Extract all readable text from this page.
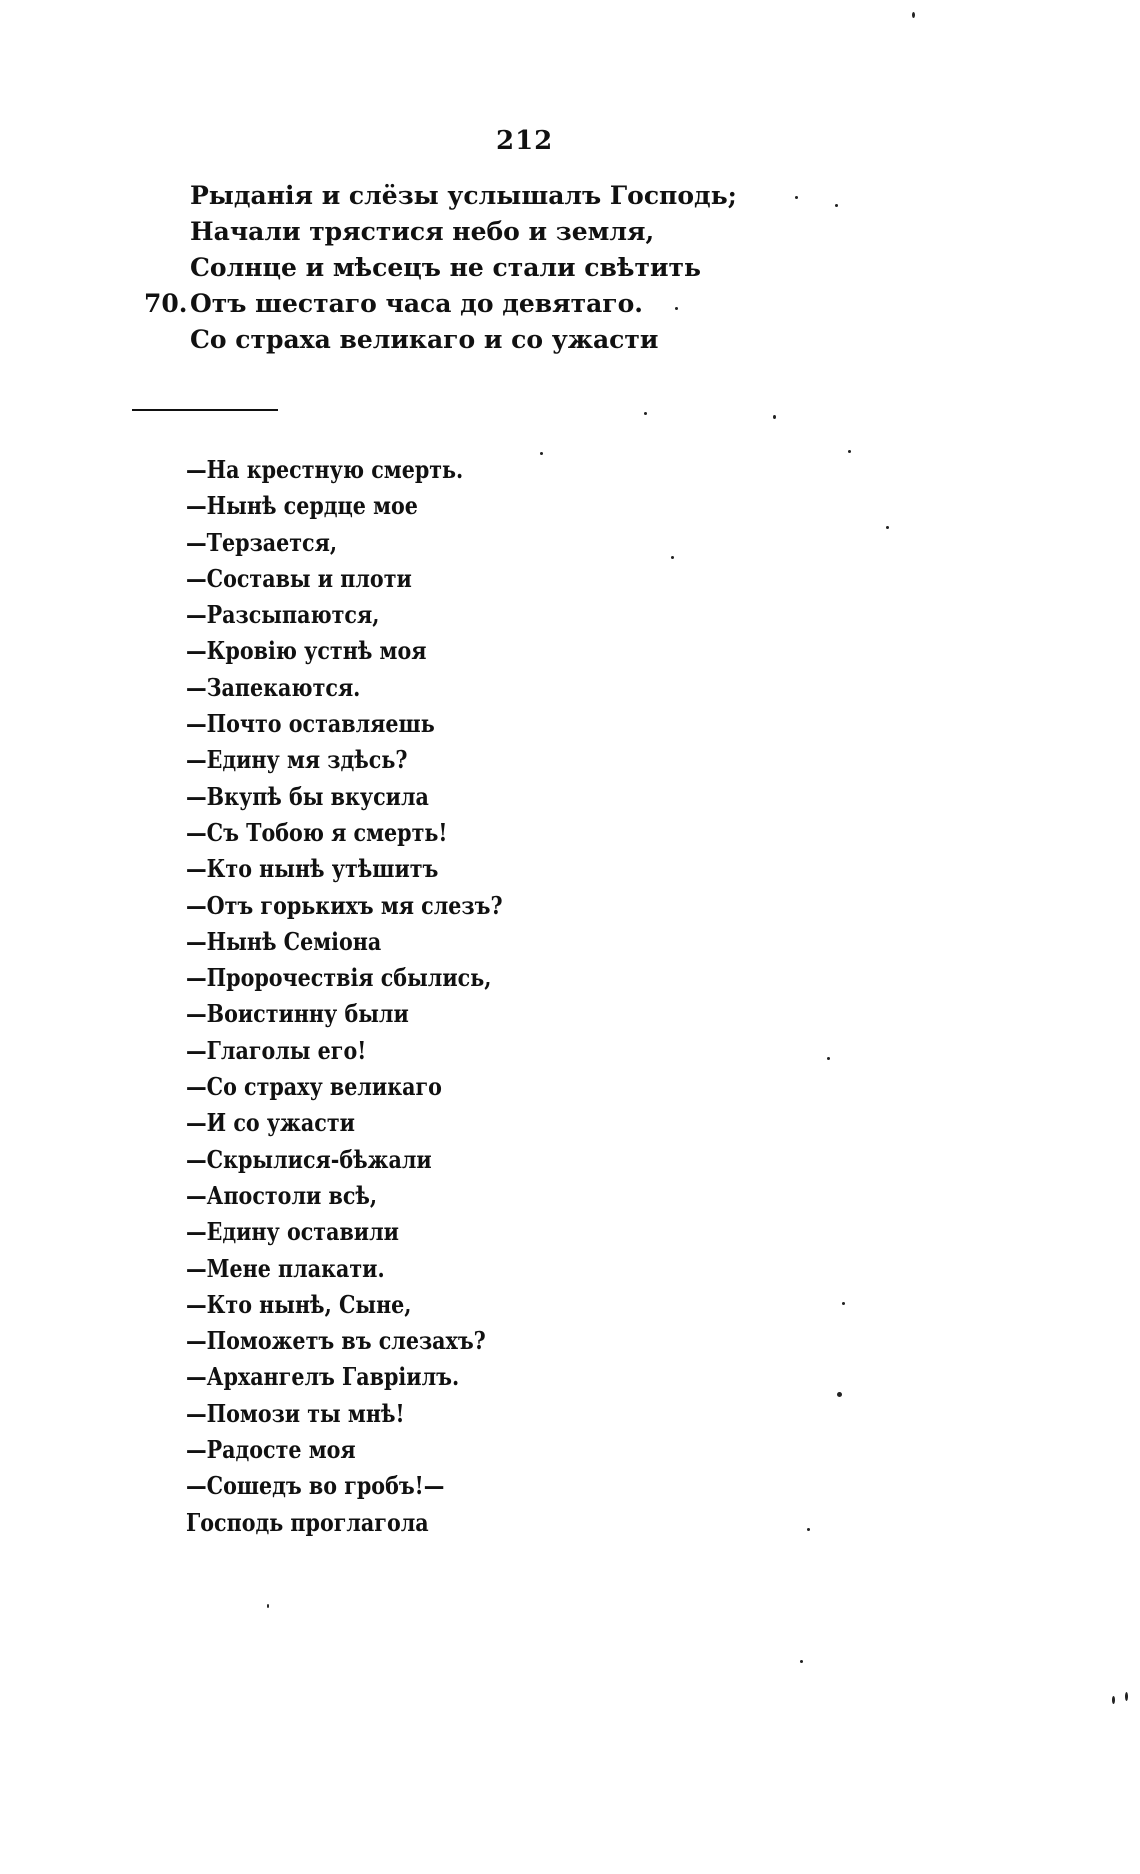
212
Рыданія и слёзы услышалъ Господь;
Начали трястися небо и земля,
Солнце и мѣсецъ не стали свѣтить
70. Отъ шестаго часа до девятаго.
Со страха великаго и со ужасти
—На крестную смерть.
—Нынѣ сердце мое
—Терзается,
—Составы и плоти
—Разсыпаются,
—Кровію устнѣ моя
—Запекаются.
—Почто оставляешь
—Едину мя здѣсь?
—Вкупѣ бы вкусила
—Съ Тобою я смерть!
—Кто нынѣ утѣшитъ
—Отъ горькихъ мя слезъ?
—Нынѣ Семіона
—Пророчествія сбылись,
—Воистинну были
—Глаголы его!
—Со страху великаго
—И со ужасти
—Скрылися-бѣжали
—Апостоли всѣ,
—Едину оставили
—Мене плакати.
—Кто нынѣ, Сыне,
—Поможетъ въ слезахъ?
—Архангелъ Гавріилъ.
—Помози ты мнѣ!
—Радосте моя
—Сошедъ во гробъ!—
Господь проглагола
